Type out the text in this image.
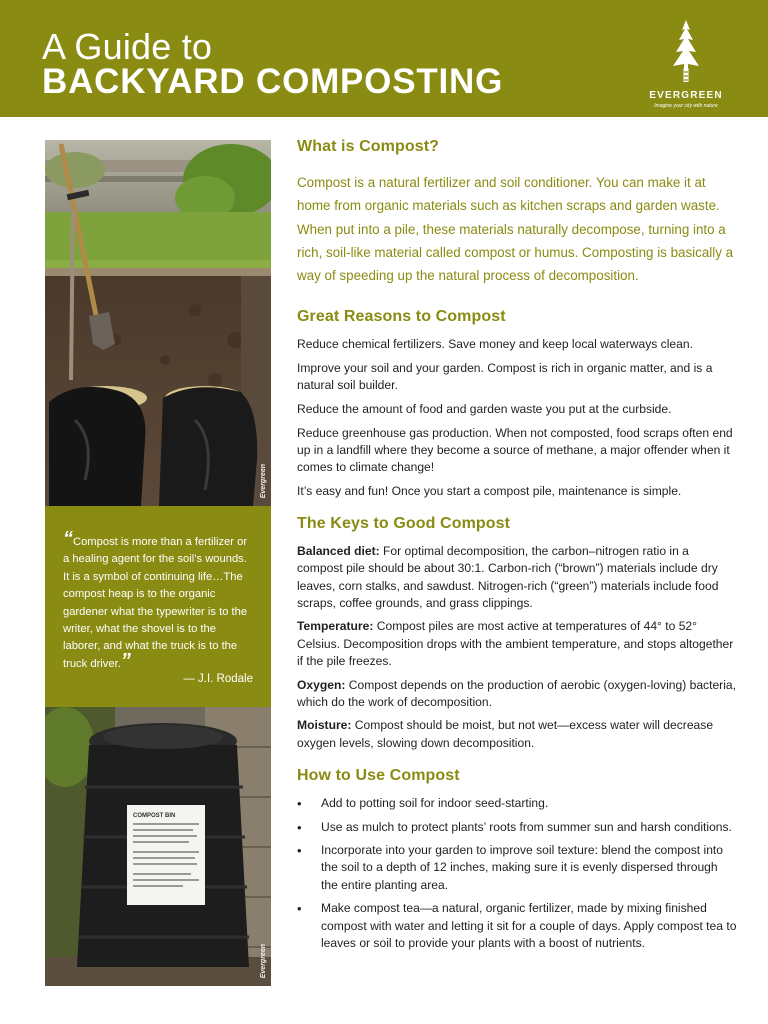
A Guide to
BACKYARD COMPOSTING	EVERGREEN
Imagine your city with nature
Evergreen
“Compost is more than a fertilizer or a healing agent for the soil’s wounds. It is a symbol of continuing life…The compost heap is to the organic gardener what the typewriter is to the writer, what the shovel is to the laborer, and what the truck is to the truck driver.”
— J.I. Rodale
COMPOST BIN
Evergreen
What is Compost?

Compost is a natural fertilizer and soil conditioner. You can make it at home from organic materials such as kitchen scraps and garden waste. When put into a pile, these materials naturally decompose, turning into a rich, soil-like material called compost or humus. Composting is basically a way of speeding up the natural process of decomposition.

Great Reasons to Compost

Reduce chemical fertilizers. Save money and keep local waterways clean.

Improve your soil and your garden. Compost is rich in organic matter, and is a natural soil builder.

Reduce the amount of food and garden waste you put at the curbside.

Reduce greenhouse gas production. When not composted, food scraps often end up in a landfill where they become a source of methane, a major offender when it comes to climate change!

It’s easy and fun! Once you start a compost pile, maintenance is simple.

The Keys to Good Compost

Balanced diet: For optimal decomposition, the carbon–nitrogen ratio in a compost pile should be about 30:1. Carbon-rich (“brown”) materials include dry leaves, corn stalks, and sawdust. Nitrogen-rich (“green”) materials include food scraps, coffee grounds, and grass clippings.

Temperature: Compost piles are most active at temperatures of 44° to 52° Celsius. Decomposition drops with the ambient temperature, and stops altogether if the pile freezes.

Oxygen: Compost depends on the production of aerobic (oxygen-loving) bacteria, which do the work of decomposition.

Moisture: Compost should be moist, but not wet—excess water will decrease oxygen levels, slowing down decomposition.

How to Use Compost
• Add to potting soil for indoor seed-starting.
• Use as mulch to protect plants’ roots from summer sun and harsh conditions.
• Incorporate into your garden to improve soil texture: blend the compost into the soil to a depth of 12 inches, making sure it is evenly dispersed through the entire planting area.
• Make compost tea—a natural, organic fertilizer, made by mixing finished compost with water and letting it sit for a couple of days. Apply compost tea to leaves or soil to provide your plants with a boost of nutrients.
